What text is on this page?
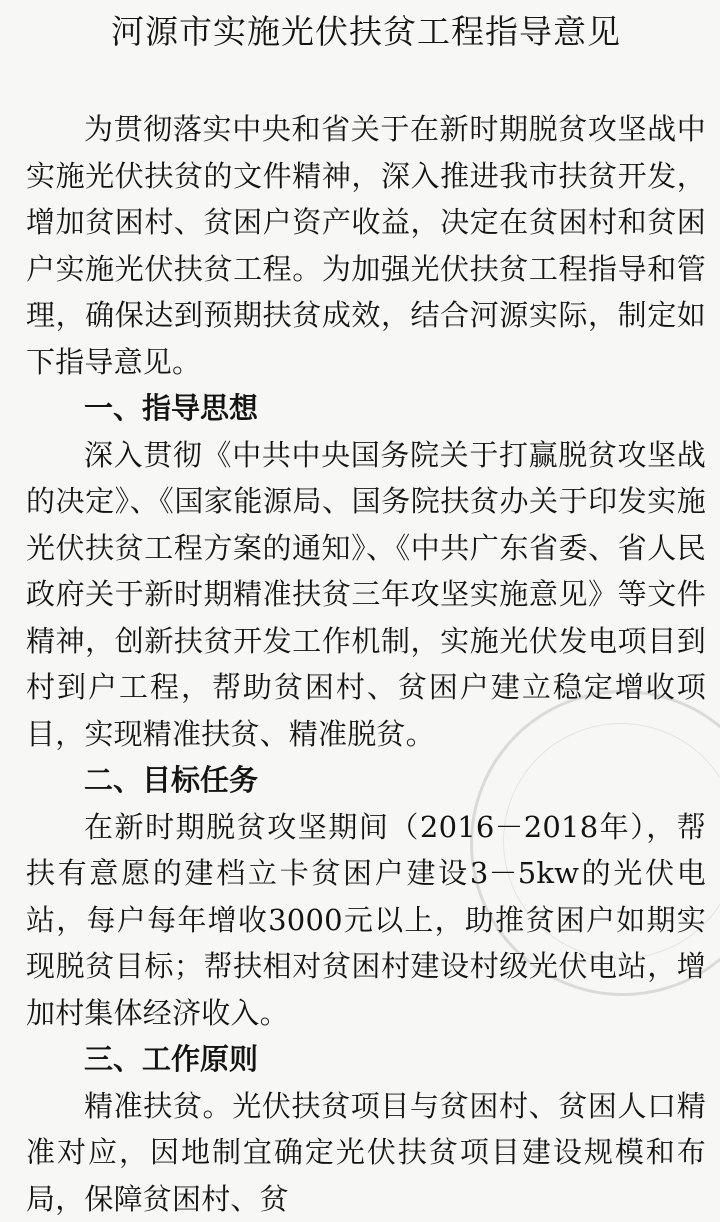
河源市实施光伏扶贫工程指导意见

为贯彻落实中央和省关于在新时期脱贫攻坚战中实施光伏扶贫的文件精神，深入推进我市扶贫开发，增加贫困村、贫困户资产收益，决定在贫困村和贫困户实施光伏扶贫工程。为加强光伏扶贫工程指导和管理，确保达到预期扶贫成效，结合河源实际，制定如下指导意见。

一、指导思想

深入贯彻《中共中央国务院关于打赢脱贫攻坚战的决定》、《国家能源局、国务院扶贫办关于印发实施光伏扶贫工程方案的通知》、《中共广东省委、省人民政府关于新时期精准扶贫三年攻坚实施意见》等文件精神，创新扶贫开发工作机制，实施光伏发电项目到村到户工程，帮助贫困村、贫困户建立稳定增收项目，实现精准扶贫、精准脱贫。

二、目标任务

在新时期脱贫攻坚期间（2016－2018年），帮扶有意愿的建档立卡贫困户建设3－5kw的光伏电站，每户每年增收3000元以上，助推贫困户如期实现脱贫目标；帮扶相对贫困村建设村级光伏电站，增加村集体经济收入。

三、工作原则

精准扶贫。光伏扶贫项目与贫困村、贫困人口精准对应，因地制宜确定光伏扶贫项目建设规模和布局，保障贫困村、贫
